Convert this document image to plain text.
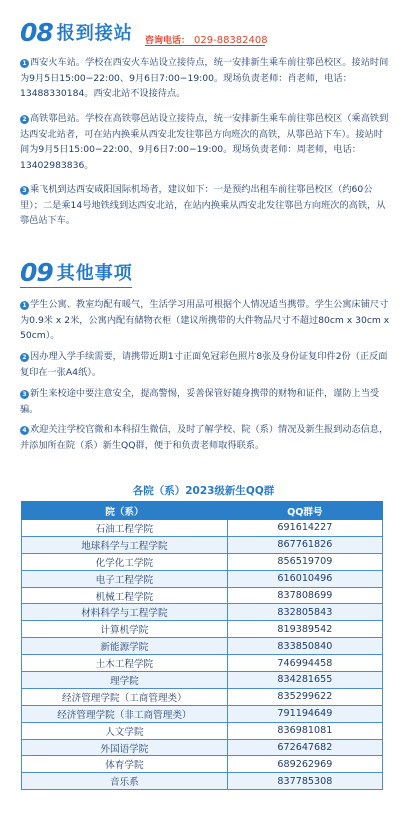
08 报到接站 咨询电话： 029-88382408
1 西安火车站。学校在西安火车站设立接待点，统一安排新生乘车前往鄠邑校区。接站时间为9月5日15:00−22:00、9月6日7:00−19:00。现场负责老师：肖老师，电话：13488330184。西安北站不设接待点。
2 高铁鄠邑站。学校在高铁鄠邑站设立接待点，统一安排新生乘车前往鄠邑校区（乘高铁到达西安北站者，可在站内换乘从西安北发往鄠邑方向班次的高铁，从鄠邑站下车）。接站时间为9月5日15:00−22:00、9月6日7:00−19:00。现场负责老师：周老师，电话：13402983836。
3 乘飞机到达西安咸阳国际机场者，建议如下：一是预约出租车前往鄠邑校区（约60公里）；二是乘14号地铁线到达西安北站，在站内换乘从西安北发往鄠邑方向班次的高铁，从鄠邑站下车。
09 其他事项
1 学生公寓、教室均配有暖气，生活学习用品可根据个人情况适当携带。学生公寓床铺尺寸为0.9米 x 2米，公寓内配有储物衣柜（建议所携带的大件物品尺寸不超过80cm x 30cm x 50cm）。
2 因办理入学手续需要，请携带近期1寸正面免冠彩色照片8张及身份证复印件2份（正反面复印在一张A4纸）。
3 新生来校途中要注意安全，提高警惕，妥善保管好随身携带的财物和证件，谨防上当受骗。
4 欢迎关注学校官微和本科招生微信，及时了解学校、院（系）情况及新生报到动态信息，并添加所在院（系）新生QQ群，便于和负责老师取得联系。
各院（系）2023级新生QQ群
院（系）	QQ群号
石油工程学院	691614227
地球科学与工程学院	867761826
化学化工学院	856519709
电子工程学院	616010496
机械工程学院	837808699
材料科学与工程学院	832805843
计算机学院	819389542
新能源学院	833850840
土木工程学院	746994458
理学院	834281655
经济管理学院（工商管理类）	835299622
经济管理学院（非工商管理类）	791194649
人文学院	836981081
外国语学院	672647682
体育学院	689262969
音乐系	837785308
